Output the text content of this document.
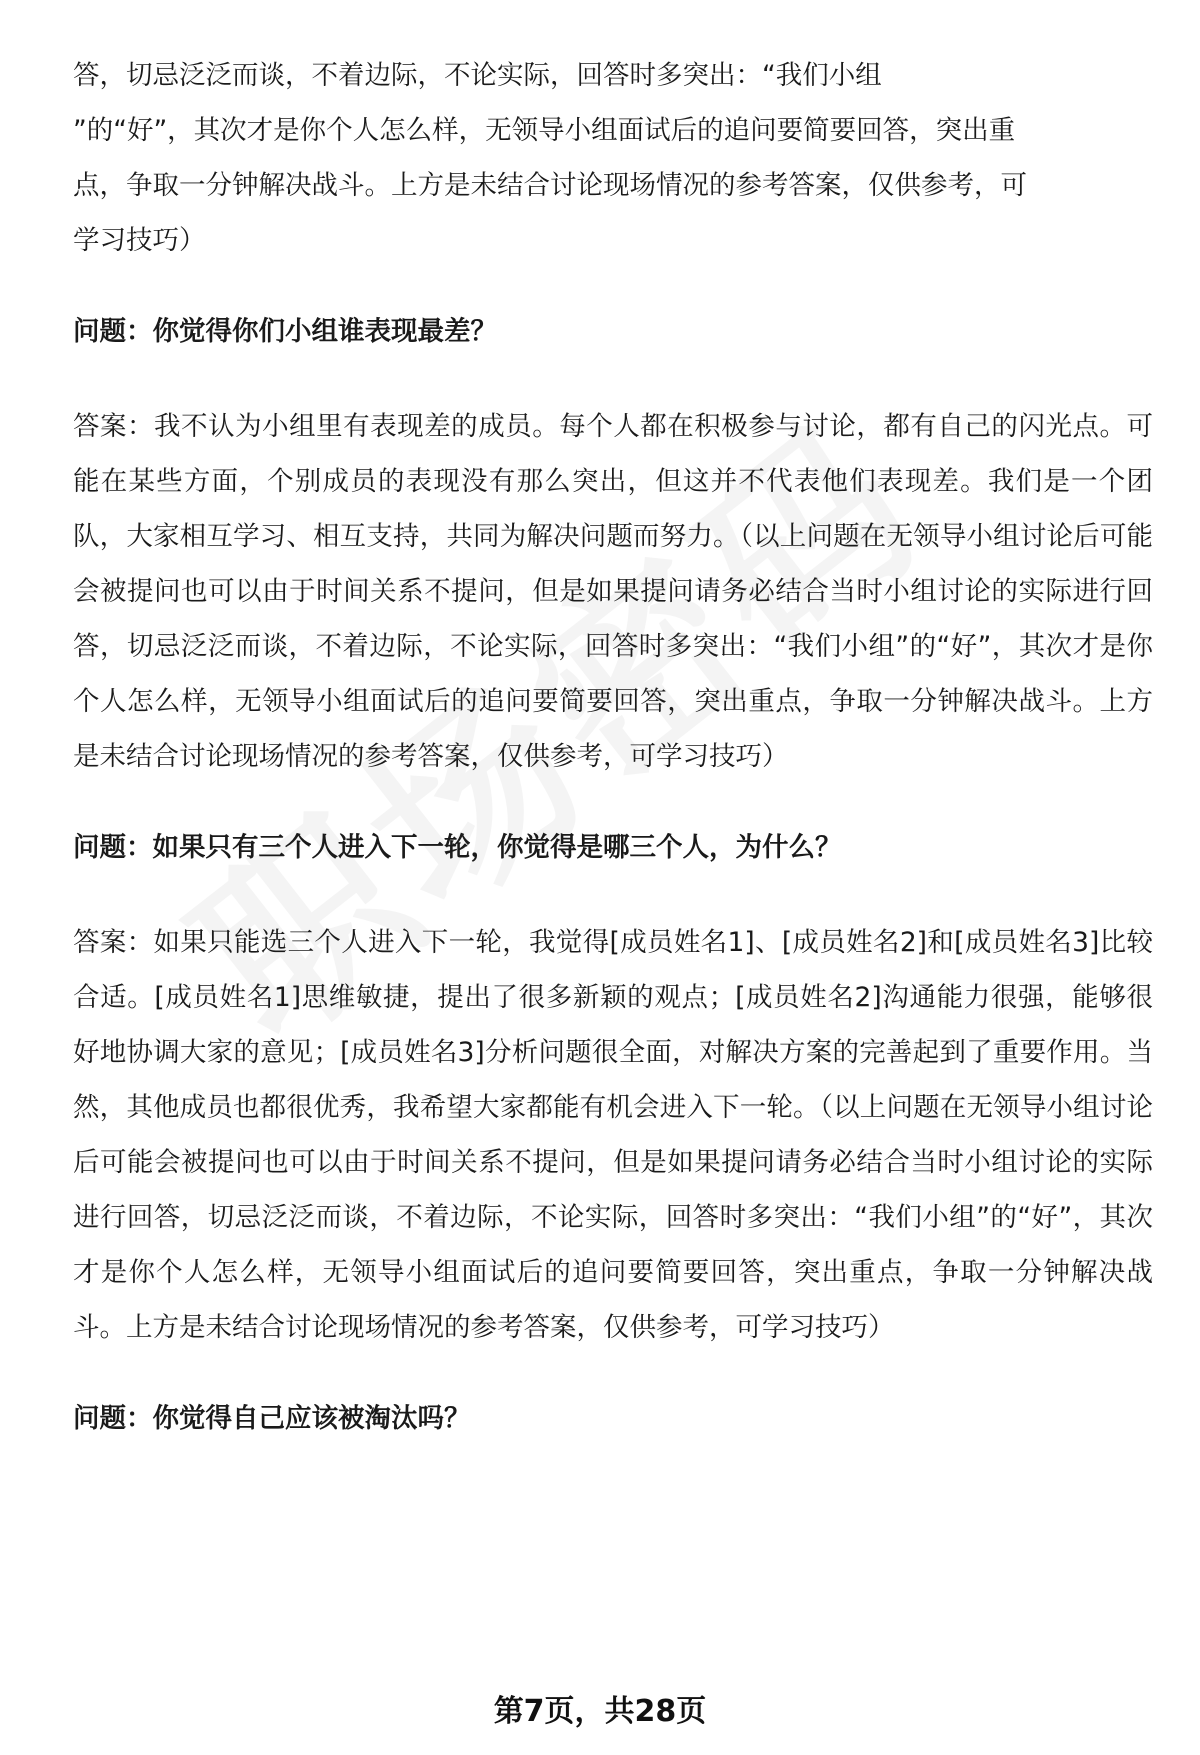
答，切忌泛泛而谈，不着边际，不论实际，回答时多突出：“我们小组
”的“好”，其次才是你个人怎么样，无领导小组面试后的追问要简要回答，突出重
点，争取一分钟解决战斗。上方是未结合讨论现场情况的参考答案，仅供参考，可
学习技巧）

问题：你觉得你们小组谁表现最差？

答案：我不认为小组里有表现差的成员。每个人都在积极参与讨论，都有自己的闪光点。可能在某些方面，个别成员的表现没有那么突出，但这并不代表他们表现差。我们是一个团队，大家相互学习、相互支持，共同为解决问题而努力。（以上问题在无领导小组讨论后可能会被提问也可以由于时间关系不提问，但是如果提问请务必结合当时小组讨论的实际进行回答，切忌泛泛而谈，不着边际，不论实际，回答时多突出：“我们小组”的“好”，其次才是你个人怎么样，无领导小组面试后的追问要简要回答，突出重点，争取一分钟解决战斗。上方是未结合讨论现场情况的参考答案，仅供参考，可学习技巧）

问题：如果只有三个人进入下一轮，你觉得是哪三个人，为什么？

答案：如果只能选三个人进入下一轮，我觉得[成员姓名1]、[成员姓名2]和[成员姓名3]比较合适。[成员姓名1]思维敏捷，提出了很多新颖的观点；[成员姓名2]沟通能力很强，能够很好地协调大家的意见；[成员姓名3]分析问题很全面，对解决方案的完善起到了重要作用。当然，其他成员也都很优秀，我希望大家都能有机会进入下一轮。（以上问题在无领导小组讨论后可能会被提问也可以由于时间关系不提问，但是如果提问请务必结合当时小组讨论的实际进行回答，切忌泛泛而谈，不着边际，不论实际，回答时多突出：“我们小组”的“好”，其次才是你个人怎么样，无领导小组面试后的追问要简要回答，突出重点，争取一分钟解决战斗。上方是未结合讨论现场情况的参考答案，仅供参考，可学习技巧）

问题：你觉得自己应该被淘汰吗？

第7页，共28页
